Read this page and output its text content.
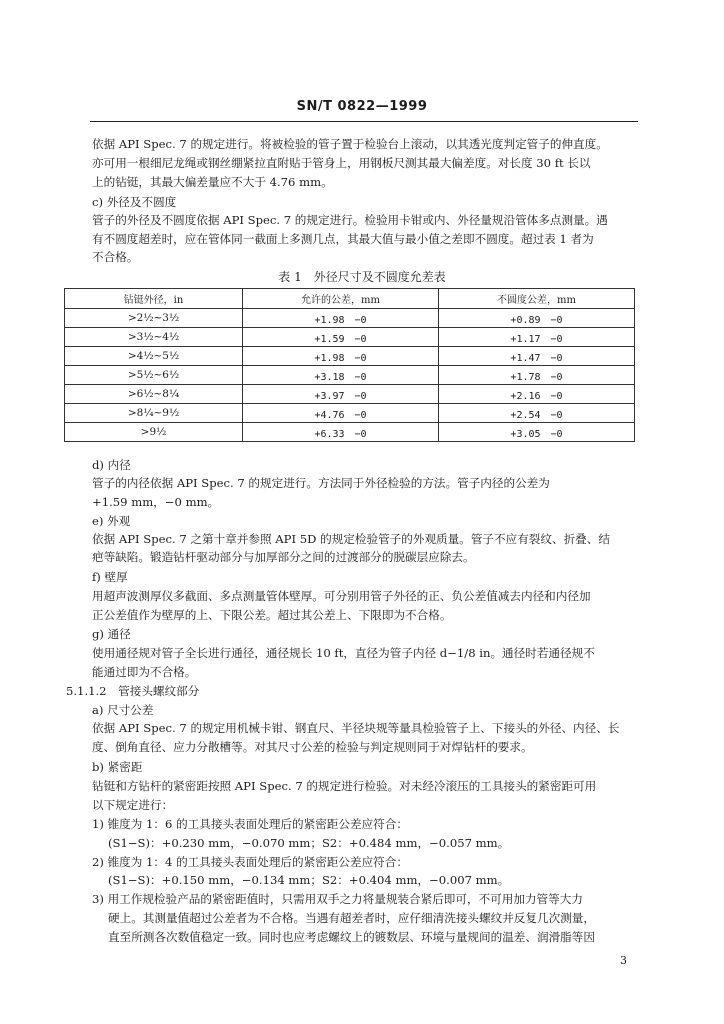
SN/T 0822—1999
依据 API Spec. 7 的规定进行。将被检验的管子置于检验台上滚动，以其透光度判定管子的伸直度。
亦可用一根细尼龙绳或钢丝绷紧拉直附贴于管身上，用钢板尺测其最大偏差度。对长度 30 ft 长以
上的钻铤，其最大偏差量应不大于 4.76 mm。
c) 外径及不圆度
管子的外径及不圆度依据 API Spec. 7 的规定进行。检验用卡钳或内、外径量规沿管体多点测量。遇
有不圆度超差时，应在管体同一截面上多测几点，其最大值与最小值之差即不圆度。超过表 1 者为
不合格。
表 1　外径尺寸及不圆度允差表
钻铤外径，in	允许的公差，mm	不圆度公差，mm
>2½~3½	+1.98　−0	+0.89　−0
>3½~4½	+1.59　−0	+1.17　−0
>4½~5½	+1.98　−0	+1.47　−0
>5½~6½	+3.18　−0	+1.78　−0
>6½~8¼	+3.97　−0	+2.16　−0
>8¼~9½	+4.76　−0	+2.54　−0
>9½	+6.33　−0	+3.05　−0
d) 内径
管子的内径依据 API Spec. 7 的规定进行。方法同于外径检验的方法。管子内径的公差为
+1.59 mm，−0 mm。
e) 外观
依据 API Spec. 7 之第十章并参照 API 5D 的规定检验管子的外观质量。管子不应有裂纹、折叠、结
疤等缺陷。锻造钻杆驱动部分与加厚部分之间的过渡部分的脱碳层应除去。
f) 壁厚
用超声波测厚仪多截面、多点测量管体壁厚。可分别用管子外径的正、负公差值减去内径和内径加
正公差值作为壁厚的上、下限公差。超过其公差上、下限即为不合格。
g) 通径
使用通径规对管子全长进行通径，通径规长 10 ft，直径为管子内径 d−1/8 in。通径时若通径规不
能通过即为不合格。
5.1.1.2　管接头螺纹部分
a) 尺寸公差
依据 API Spec. 7 的规定用机械卡钳、钢直尺、半径块规等量具检验管子上、下接头的外径、内径、长
度、倒角直径、应力分散槽等。对其尺寸公差的检验与判定规则同于对焊钻杆的要求。
b) 紧密距
钻铤和方钻杆的紧密距按照 API Spec. 7 的规定进行检验。对未经冷滚压的工具接头的紧密距可用
以下规定进行：
1) 锥度为 1：6 的工具接头表面处理后的紧密距公差应符合：
(S1−S)：+0.230 mm，−0.070 mm；S2：+0.484 mm，−0.057 mm。
2) 锥度为 1：4 的工具接头表面处理后的紧密距公差应符合：
(S1−S)：+0.150 mm，−0.134 mm；S2：+0.404 mm，−0.007 mm。
3) 用工作规检验产品的紧密距值时，只需用双手之力将量规装合紧后即可，不可用加力管等大力
硬上。其测量值超过公差者为不合格。当遇有超差者时，应仔细清洗接头螺纹并反复几次测量，
直至所测各次数值稳定一致。同时也应考虑螺纹上的镀数层、环境与量规间的温差、润滑脂等因
3
